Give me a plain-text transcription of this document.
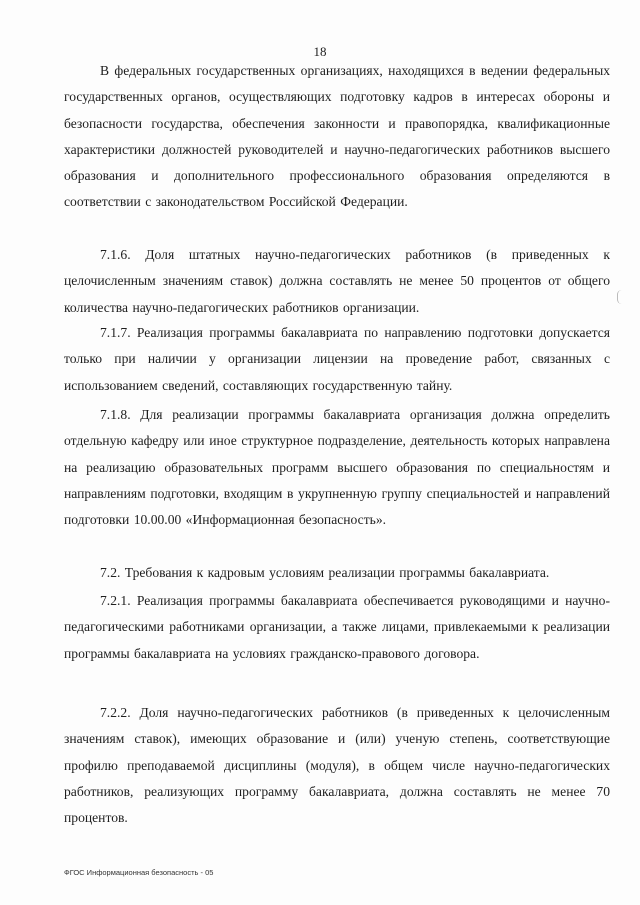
18
В федеральных государственных организациях, находящихся в ведении федеральных государственных органов, осуществляющих подготовку кадров в интересах обороны и безопасности государства, обеспечения законности и правопорядка, квалификационные характеристики должностей руководителей и научно-педагогических работников высшего образования и дополнительного профессионального образования определяются в соответствии с законодательством Российской Федерации.
7.1.6. Доля штатных научно-педагогических работников (в приведенных к целочисленным значениям ставок) должна составлять не менее 50 процентов от общего количества научно-педагогических работников организации.
7.1.7. Реализация программы бакалавриата по направлению подготовки допускается только при наличии у организации лицензии на проведение работ, связанных с использованием сведений, составляющих государственную тайну.
7.1.8. Для реализации программы бакалавриата организация должна определить отдельную кафедру или иное структурное подразделение, деятельность которых направлена на реализацию образовательных программ высшего образования по специальностям и направлениям подготовки, входящим в укрупненную группу специальностей и направлений подготовки 10.00.00 «Информационная безопасность».
7.2. Требования к кадровым условиям реализации программы бакалавриата.
7.2.1. Реализация программы бакалавриата обеспечивается руководящими и научно-педагогическими работниками организации, а также лицами, привлекаемыми к реализации программы бакалавриата на условиях гражданско-правового договора.
7.2.2. Доля научно-педагогических работников (в приведенных к целочисленным значениям ставок), имеющих образование и (или) ученую степень, соответствующие профилю преподаваемой дисциплины (модуля), в общем числе научно-педагогических работников, реализующих программу бакалавриата, должна составлять не менее 70 процентов.
ФГОС Информационная безопасность - 05
